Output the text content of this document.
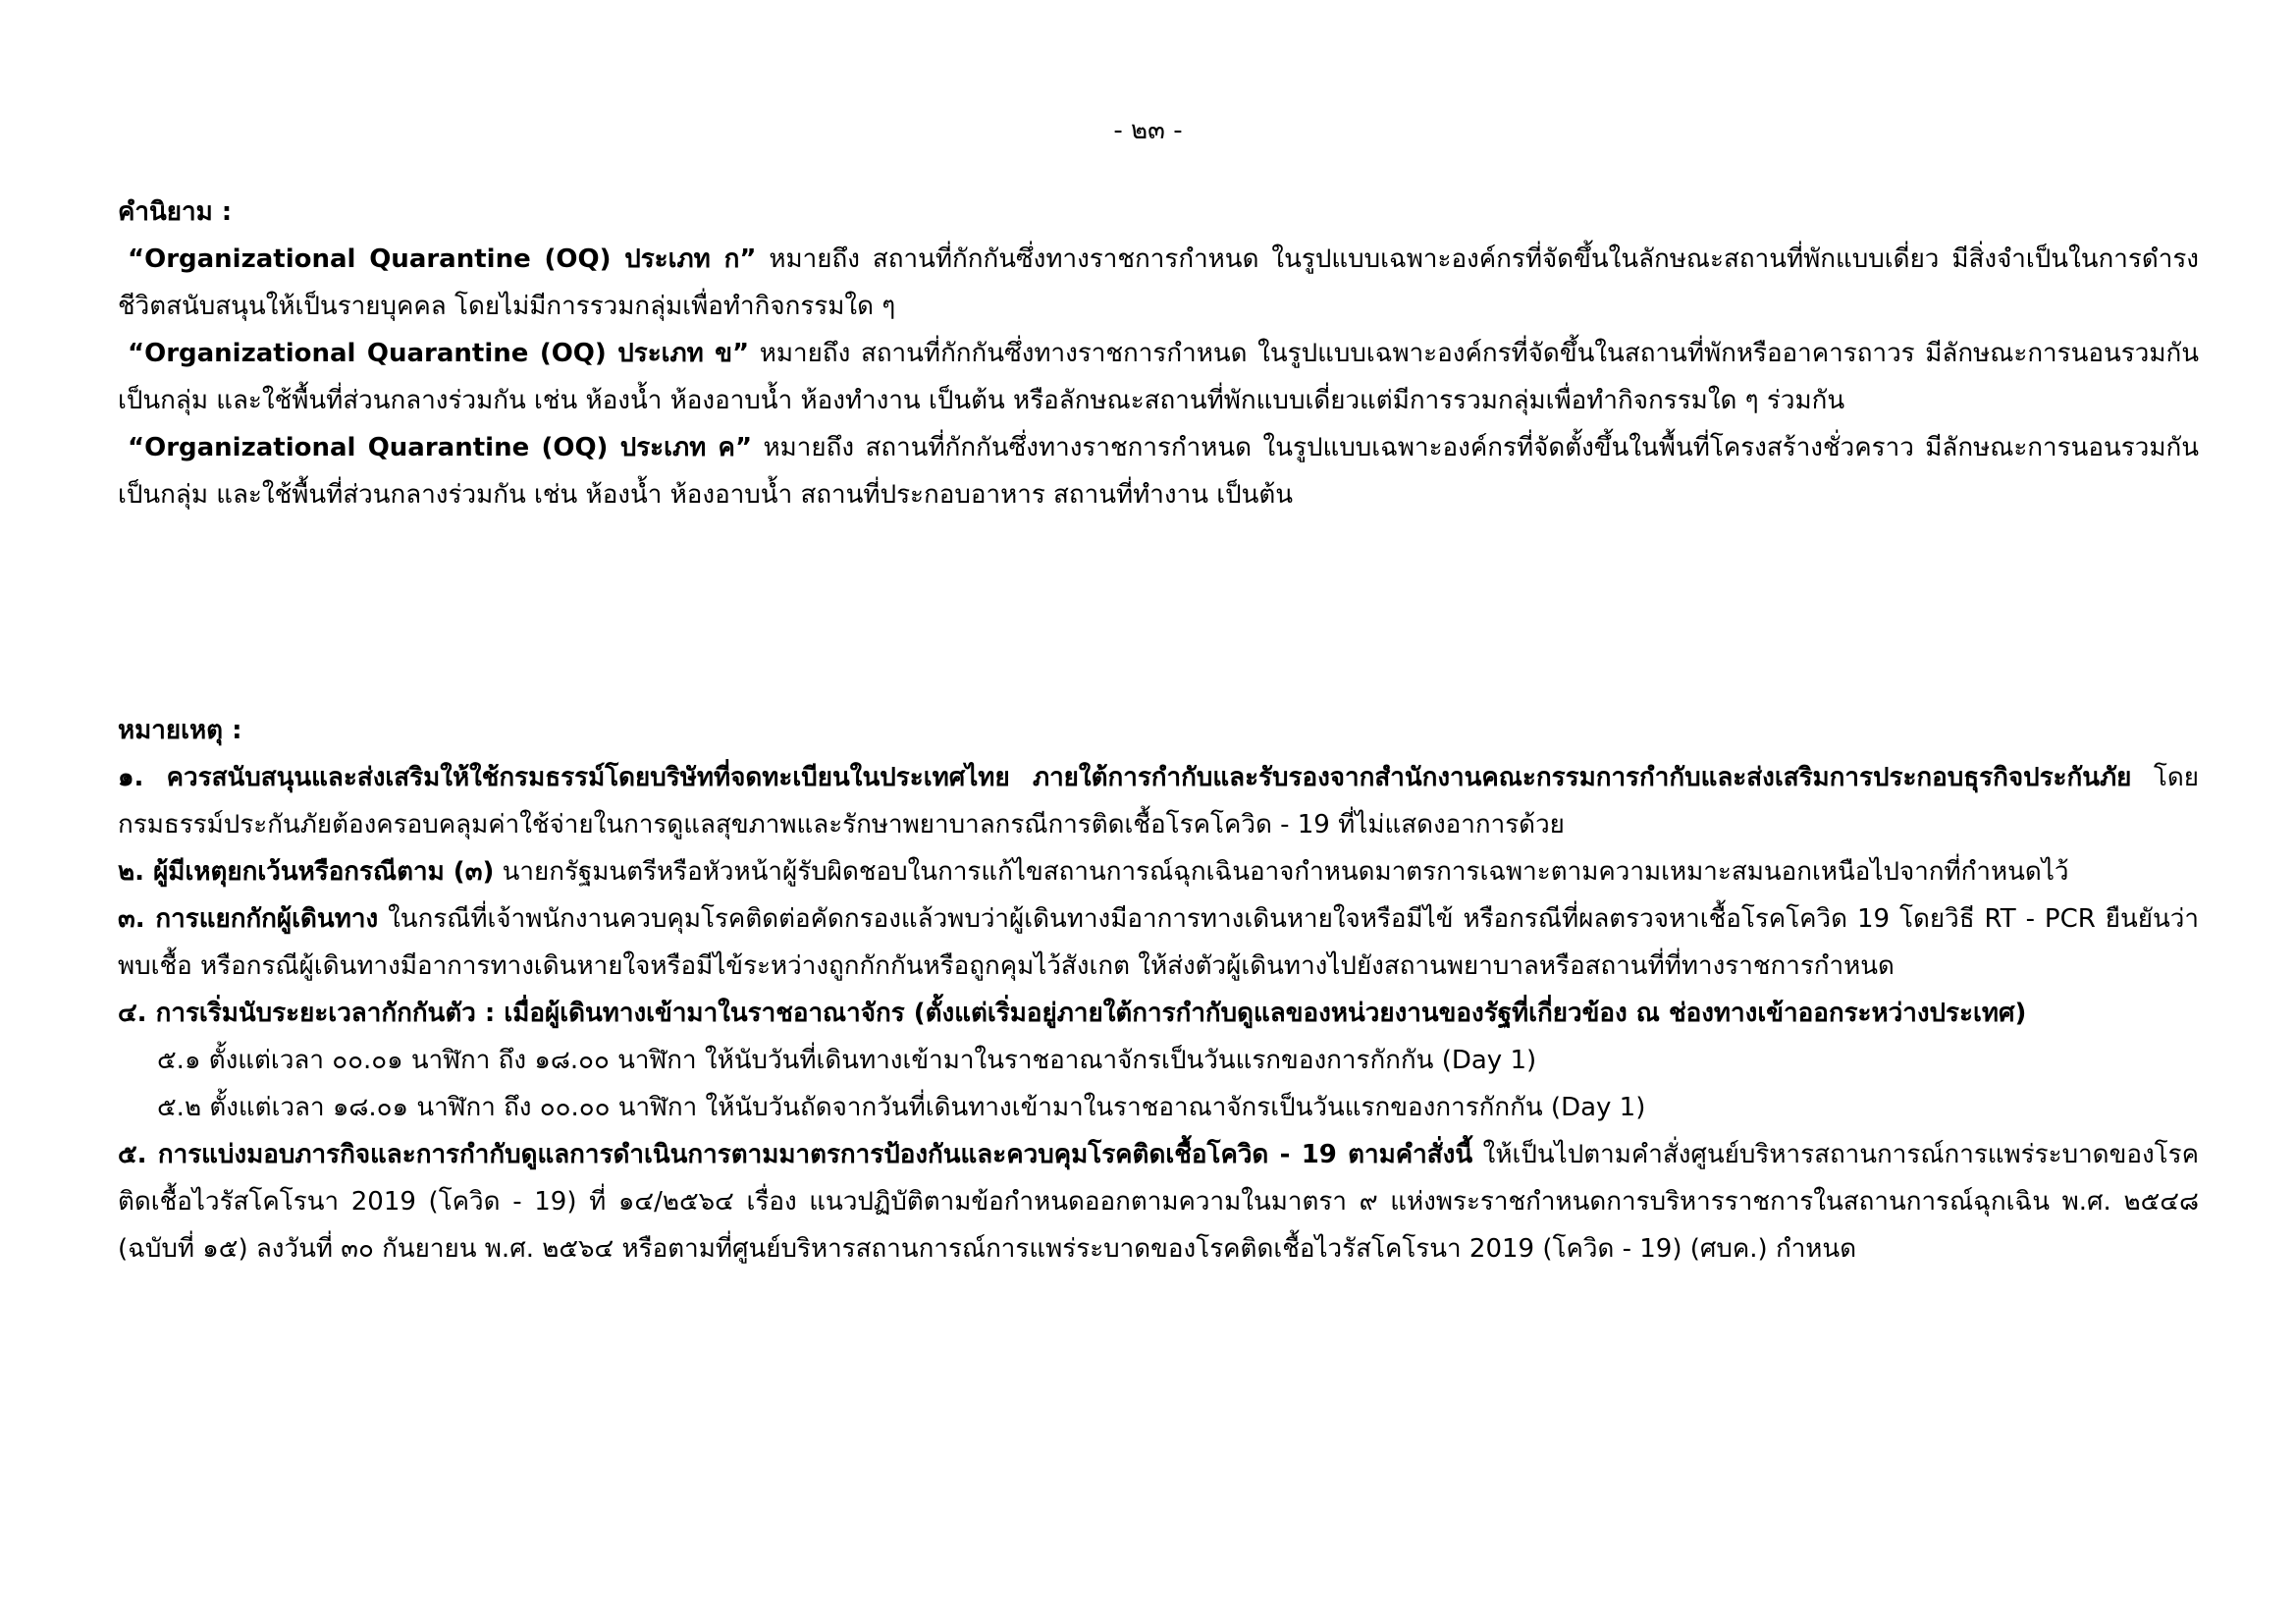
- ๒๓ -

คำนิยาม :

“Organizational Quarantine (OQ) ประเภท ก” หมายถึง สถานที่กักกันซึ่งทางราชการกำหนด ในรูปแบบเฉพาะองค์กรที่จัดขึ้นในลักษณะสถานที่พักแบบเดี่ยว มีสิ่งจำเป็นในการดำรงชีวิตสนับสนุนให้เป็นรายบุคคล โดยไม่มีการรวมกลุ่มเพื่อทำกิจกรรมใด ๆ

“Organizational Quarantine (OQ) ประเภท ข” หมายถึง สถานที่กักกันซึ่งทางราชการกำหนด ในรูปแบบเฉพาะองค์กรที่จัดขึ้นในสถานที่พักหรืออาคารถาวร มีลักษณะการนอนรวมกันเป็นกลุ่ม และใช้พื้นที่ส่วนกลางร่วมกัน เช่น ห้องน้ำ ห้องอาบน้ำ ห้องทำงาน เป็นต้น หรือลักษณะสถานที่พักแบบเดี่ยวแต่มีการรวมกลุ่มเพื่อทำกิจกรรมใด ๆ ร่วมกัน

“Organizational Quarantine (OQ) ประเภท ค” หมายถึง สถานที่กักกันซึ่งทางราชการกำหนด ในรูปแบบเฉพาะองค์กรที่จัดตั้งขึ้นในพื้นที่โครงสร้างชั่วคราว มีลักษณะการนอนรวมกันเป็นกลุ่ม และใช้พื้นที่ส่วนกลางร่วมกัน เช่น ห้องน้ำ ห้องอาบน้ำ สถานที่ประกอบอาหาร สถานที่ทำงาน เป็นต้น

หมายเหตุ :

๑. ควรสนับสนุนและส่งเสริมให้ใช้กรมธรรม์โดยบริษัทที่จดทะเบียนในประเทศไทย ภายใต้การกำกับและรับรองจากสำนักงานคณะกรรมการกำกับและส่งเสริมการประกอบธุรกิจประกันภัย โดยกรมธรรม์ประกันภัยต้องครอบคลุมค่าใช้จ่ายในการดูแลสุขภาพและรักษาพยาบาลกรณีการติดเชื้อโรคโควิด - 19 ที่ไม่แสดงอาการด้วย

๒. ผู้มีเหตุยกเว้นหรือกรณีตาม (๓) นายกรัฐมนตรีหรือหัวหน้าผู้รับผิดชอบในการแก้ไขสถานการณ์ฉุกเฉินอาจกำหนดมาตรการเฉพาะตามความเหมาะสมนอกเหนือไปจากที่กำหนดไว้

๓. การแยกกักผู้เดินทาง ในกรณีที่เจ้าพนักงานควบคุมโรคติดต่อคัดกรองแล้วพบว่าผู้เดินทางมีอาการทางเดินหายใจหรือมีไข้ หรือกรณีที่ผลตรวจหาเชื้อโรคโควิด 19 โดยวิธี RT - PCR ยืนยันว่าพบเชื้อ หรือกรณีผู้เดินทางมีอาการทางเดินหายใจหรือมีไข้ระหว่างถูกกักกันหรือถูกคุมไว้สังเกต ให้ส่งตัวผู้เดินทางไปยังสถานพยาบาลหรือสถานที่ที่ทางราชการกำหนด

๔. การเริ่มนับระยะเวลากักกันตัว : เมื่อผู้เดินทางเข้ามาในราชอาณาจักร (ตั้งแต่เริ่มอยู่ภายใต้การกำกับดูแลของหน่วยงานของรัฐที่เกี่ยวข้อง ณ ช่องทางเข้าออกระหว่างประเทศ)

๕.๑ ตั้งแต่เวลา ๐๐.๐๑ นาฬิกา ถึง ๑๘.๐๐ นาฬิกา ให้นับวันที่เดินทางเข้ามาในราชอาณาจักรเป็นวันแรกของการกักกัน (Day 1)

๕.๒ ตั้งแต่เวลา ๑๘.๐๑ นาฬิกา ถึง ๐๐.๐๐ นาฬิกา ให้นับวันถัดจากวันที่เดินทางเข้ามาในราชอาณาจักรเป็นวันแรกของการกักกัน (Day 1)

๕. การแบ่งมอบภารกิจและการกำกับดูแลการดำเนินการตามมาตรการป้องกันและควบคุมโรคติดเชื้อโควิด - 19 ตามคำสั่งนี้ ให้เป็นไปตามคำสั่งศูนย์บริหารสถานการณ์การแพร่ระบาดของโรคติดเชื้อไวรัสโคโรนา 2019 (โควิด - 19) ที่ ๑๔/๒๕๖๔ เรื่อง แนวปฏิบัติตามข้อกำหนดออกตามความในมาตรา ๙ แห่งพระราชกำหนดการบริหารราชการในสถานการณ์ฉุกเฉิน พ.ศ. ๒๕๔๘ (ฉบับที่ ๑๕) ลงวันที่ ๓๐ กันยายน พ.ศ. ๒๕๖๔ หรือตามที่ศูนย์บริหารสถานการณ์การแพร่ระบาดของโรคติดเชื้อไวรัสโคโรนา 2019 (โควิด - 19) (ศบค.) กำหนด
